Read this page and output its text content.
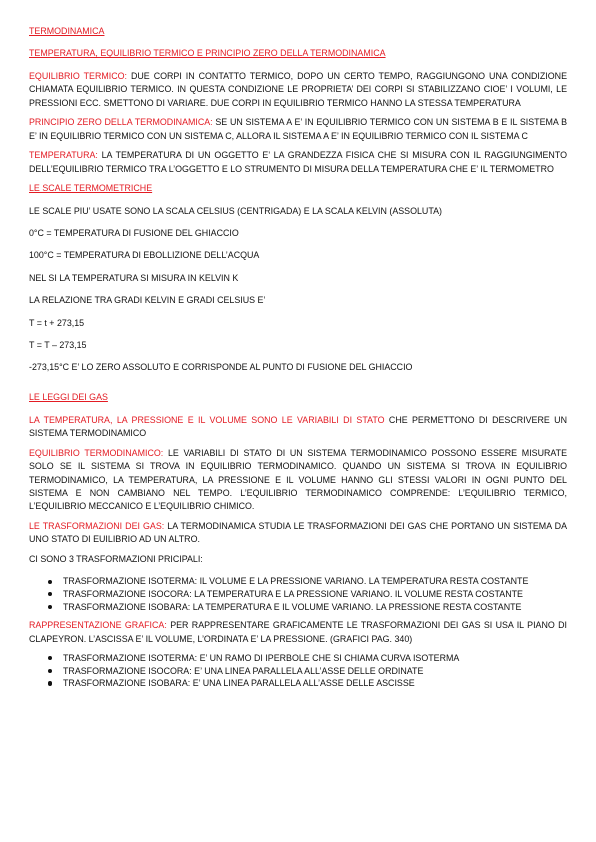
TERMODINAMICA

TEMPERATURA, EQUILIBRIO TERMICO E PRINCIPIO ZERO DELLA TERMODINAMICA

EQUILIBRIO TERMICO: DUE CORPI IN CONTATTO TERMICO, DOPO UN CERTO TEMPO, RAGGIUNGONO UNA CONDIZIONE CHIAMATA EQUILIBRIO TERMICO. IN QUESTA CONDIZIONE LE PROPRIETA’ DEI CORPI SI STABILIZZANO CIOE’ I VOLUMI, LE PRESSIONI ECC. SMETTONO DI VARIARE. DUE CORPI IN EQUILIBRIO TERMICO HANNO LA STESSA TEMPERATURA

PRINCIPIO ZERO DELLA TERMODINAMICA: SE UN SISTEMA A E’ IN EQUILIBRIO TERMICO CON UN SISTEMA B E IL SISTEMA B E’ IN EQUILIBRIO TERMICO CON UN SISTEMA C, ALLORA IL SISTEMA A E’ IN EQUILIBRIO TERMICO CON IL SISTEMA C

TEMPERATURA: LA TEMPERATURA DI UN OGGETTO E’ LA GRANDEZZA FISICA CHE SI MISURA CON IL RAGGIUNGIMENTO DELL’EQUILIBRIO TERMICO TRA L’OGGETTO E LO STRUMENTO DI MISURA DELLA TEMPERATURA CHE E’ IL TERMOMETRO

LE SCALE TERMOMETRICHE

LE SCALE PIU’ USATE SONO LA SCALA CELSIUS (CENTRIGADA) E LA SCALA KELVIN (ASSOLUTA)

0°C = TEMPERATURA DI FUSIONE DEL GHIACCIO

100°C = TEMPERATURA DI EBOLLIZIONE DELL’ACQUA

NEL SI LA TEMPERATURA SI MISURA IN KELVIN K

LA RELAZIONE TRA GRADI KELVIN E GRADI CELSIUS E’

T = t + 273,15

T = T – 273,15

-273,15°C E’ LO ZERO ASSOLUTO E CORRISPONDE AL PUNTO DI FUSIONE DEL GHIACCIO

LE LEGGI DEI GAS

LA TEMPERATURA, LA PRESSIONE E IL VOLUME SONO LE VARIABILI DI STATO CHE PERMETTONO DI DESCRIVERE UN SISTEMA TERMODINAMICO

EQUILIBRIO TERMODINAMICO: LE VARIABILI DI STATO DI UN SISTEMA TERMODINAMICO POSSONO ESSERE MISURATE SOLO SE IL SISTEMA SI TROVA IN EQUILIBRIO TERMODINAMICO. QUANDO UN SISTEMA SI TROVA IN EQUILIBRIO TERMODINAMICO, LA TEMPERATURA, LA PRESSIONE E IL VOLUME HANNO GLI STESSI VALORI IN OGNI PUNTO DEL SISTEMA E NON CAMBIANO NEL TEMPO. L’EQUILIBRIO TERMODINAMICO COMPRENDE: L’EQUILIBRIO TERMICO, L’EQUILIBRIO MECCANICO E L’EQUILIBRIO CHIMICO.

LE TRASFORMAZIONI DEI GAS: LA TERMODINAMICA STUDIA LE TRASFORMAZIONI DEI GAS CHE PORTANO UN SISTEMA DA UNO STATO DI EUILIBRIO AD UN ALTRO.

CI SONO 3 TRASFORMAZIONI PRICIPALI:

TRASFORMAZIONE ISOTERMA: IL VOLUME E LA PRESSIONE VARIANO. LA TEMPERATURA RESTA COSTANTE
TRASFORMAZIONE ISOCORA: LA TEMPERATURA E LA PRESSIONE VARIANO. IL VOLUME RESTA COSTANTE
TRASFORMAZIONE ISOBARA: LA TEMPERATURA E IL VOLUME VARIANO. LA PRESSIONE RESTA COSTANTE

RAPPRESENTAZIONE GRAFICA: PER RAPPRESENTARE GRAFICAMENTE LE TRASFORMAZIONI DEI GAS SI USA IL PIANO DI CLAPEYRON. L’ASCISSA E’ IL VOLUME, L’ORDINATA E’ LA PRESSIONE. (GRAFICI PAG. 340)

TRASFORMAZIONE ISOTERMA: E’ UN RAMO DI IPERBOLE CHE SI CHIAMA CURVA ISOTERMA
TRASFORMAZIONE ISOCORA: E’ UNA LINEA PARALLELA ALL’ASSE DELLE ORDINATE
TRASFORMAZIONE ISOBARA: E’ UNA LINEA PARALLELA ALL’ASSE DELLE ASCISSE
